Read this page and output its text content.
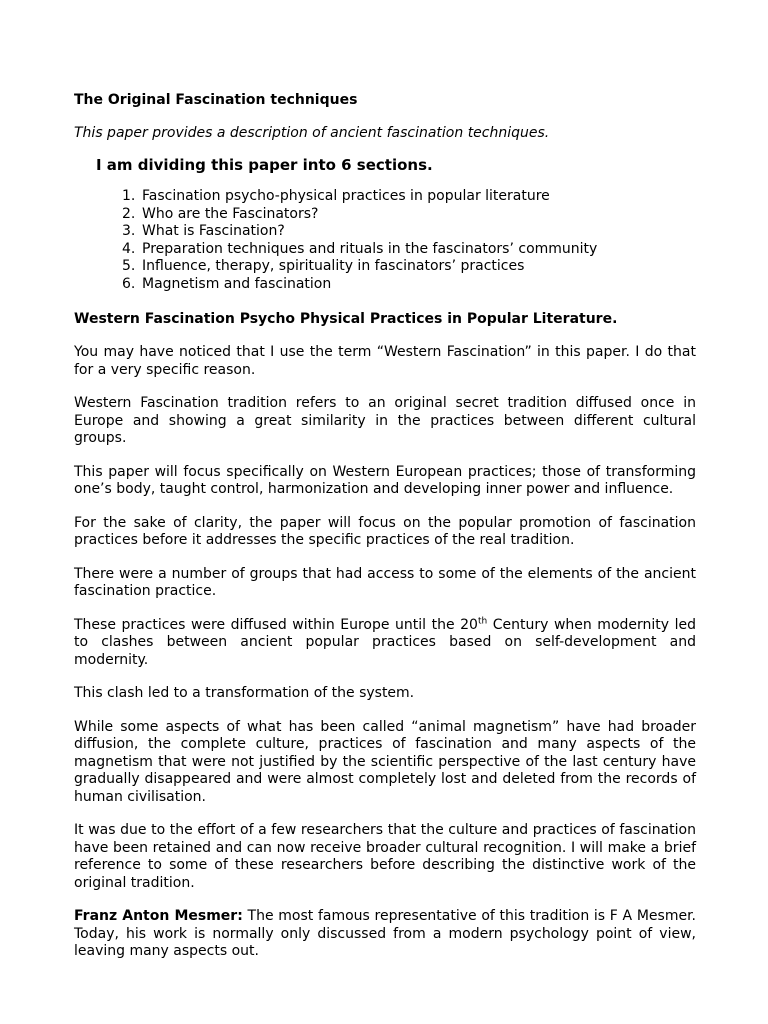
The Original Fascination techniques

This paper provides a description of ancient fascination techniques.

I am dividing this paper into 6 sections.

1. Fascination psycho-physical practices in popular literature
2. Who are the Fascinators?
3. What is Fascination?
4. Preparation techniques and rituals in the fascinators’ community
5. Influence, therapy, spirituality in fascinators’ practices
6. Magnetism and fascination

Western Fascination Psycho Physical Practices in Popular Literature.

You may have noticed that I use the term “Western Fascination” in this paper. I do that for a very specific reason.

Western Fascination tradition refers to an original secret tradition diffused once in Europe and showing a great similarity in the practices between different cultural groups.

This paper will focus specifically on Western European practices; those of transforming one’s body, taught control, harmonization and developing inner power and influence.

For the sake of clarity, the paper will focus on the popular promotion of fascination practices before it addresses the specific practices of the real tradition.

There were a number of groups that had access to some of the elements of the ancient fascination practice.

These practices were diffused within Europe until the 20th Century when modernity led to clashes between ancient popular practices based on self-development and modernity.

This clash led to a transformation of the system.

While some aspects of what has been called “animal magnetism” have had broader diffusion, the complete culture, practices of fascination and many aspects of the magnetism that were not justified by the scientific perspective of the last century have gradually disappeared and were almost completely lost and deleted from the records of human civilisation.

It was due to the effort of a few researchers that the culture and practices of fascination have been retained and can now receive broader cultural recognition. I will make a brief reference to some of these researchers before describing the distinctive work of the original tradition.

Franz Anton Mesmer: The most famous representative of this tradition is F A Mesmer. Today, his work is normally only discussed from a modern psychology point of view, leaving many aspects out.
